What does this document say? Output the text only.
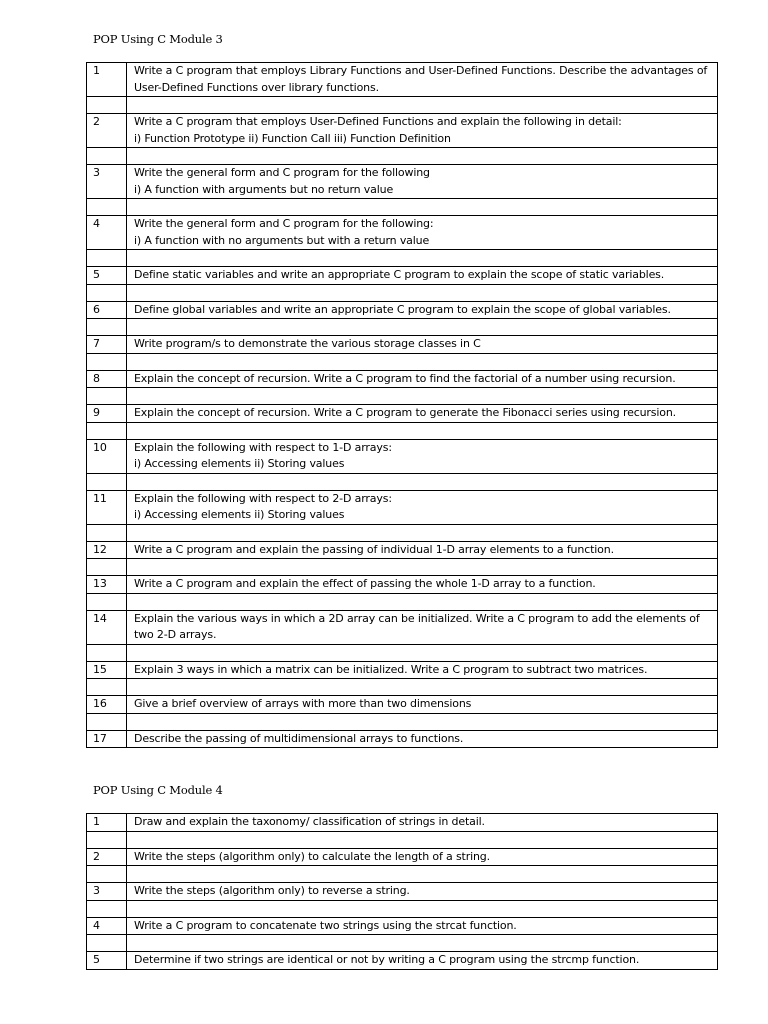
POP Using C Module 3
1	Write a C program that employs Library Functions and User-Defined Functions. Describe the advantages of User-Defined Functions over library functions.

2	Write a C program that employs User-Defined Functions and explain the following in detail:
i) Function Prototype ii) Function Call iii) Function Definition

3	Write the general form and C program for the following
i) A function with arguments but no return value

4	Write the general form and C program for the following:
i) A function with no arguments but with a return value

5	Define static variables and write an appropriate C program to explain the scope of static variables.

6	Define global variables and write an appropriate C program to explain the scope of global variables.

7	Write program/s to demonstrate the various storage classes in C

8	Explain the concept of recursion. Write a C program to find the factorial of a number using recursion.

9	Explain the concept of recursion. Write a C program to generate the Fibonacci series using recursion.

10	Explain the following with respect to 1-D arrays:
i) Accessing elements ii) Storing values

11	Explain the following with respect to 2-D arrays:
i) Accessing elements ii) Storing values

12	Write a C program and explain the passing of individual 1-D array elements to a function.

13	Write a C program and explain the effect of passing the whole 1-D array to a function.

14	Explain the various ways in which a 2D array can be initialized. Write a C program to add the elements of two 2-D arrays.

15	Explain 3 ways in which a matrix can be initialized. Write a C program to subtract two matrices.

16	Give a brief overview of arrays with more than two dimensions

17	Describe the passing of multidimensional arrays to functions.
POP Using C Module 4
1	Draw and explain the taxonomy/ classification of strings in detail.

2	Write the steps (algorithm only) to calculate the length of a string.

3	Write the steps (algorithm only) to reverse a string.

4	Write a C program to concatenate two strings using the strcat function.

5	Determine if two strings are identical or not by writing a C program using the strcmp function.
